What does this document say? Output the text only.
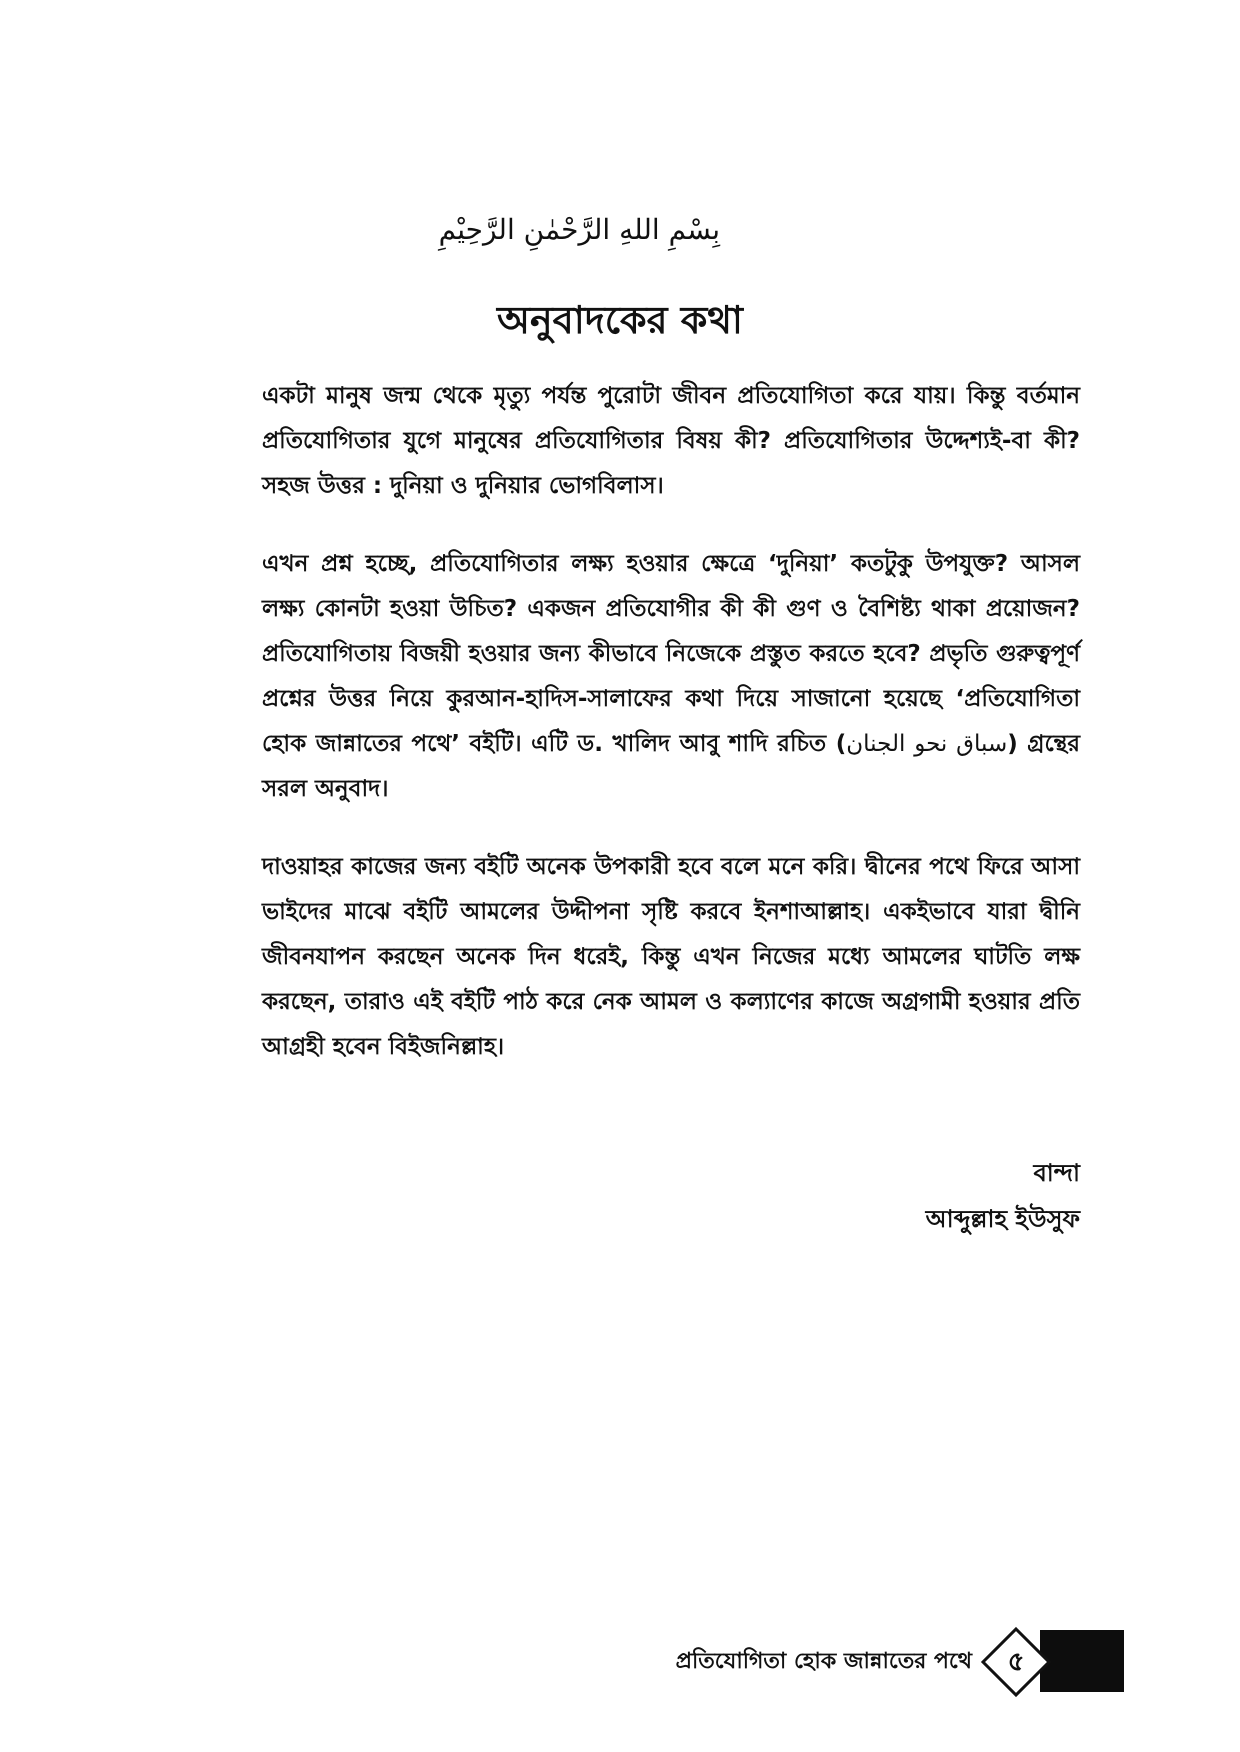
بِسْمِ اللهِ الرَّحْمٰنِ الرَّحِيْمِ
অনুবাদকের কথা

একটা মানুষ জন্ম থেকে মৃত্যু পর্যন্ত পুরোটা জীবন প্রতিযোগিতা করে যায়। কিন্তু বর্তমান প্রতিযোগিতার যুগে মানুষের প্রতিযোগিতার বিষয় কী? প্রতিযোগিতার উদ্দেশ্যই-বা কী? সহজ উত্তর : দুনিয়া ও দুনিয়ার ভোগবিলাস।

এখন প্রশ্ন হচ্ছে, প্রতিযোগিতার লক্ষ্য হওয়ার ক্ষেত্রে ‘দুনিয়া’ কতটুকু উপযুক্ত? আসল লক্ষ্য কোনটা হওয়া উচিত? একজন প্রতিযোগীর কী কী গুণ ও বৈশিষ্ট্য থাকা প্রয়োজন? প্রতিযোগিতায় বিজয়ী হওয়ার জন্য কীভাবে নিজেকে প্রস্তুত করতে হবে? প্রভৃতি গুরুত্বপূর্ণ প্রশ্নের উত্তর নিয়ে কুরআন-হাদিস-সালাফের কথা দিয়ে সাজানো হয়েছে ‘প্রতিযোগিতা হোক জান্নাতের পথে’ বইটি। এটি ড. খালিদ আবু শাদি রচিত (سباق نحو الجنان) গ্রন্থের সরল অনুবাদ।

দাওয়াহর কাজের জন্য বইটি অনেক উপকারী হবে বলে মনে করি। দ্বীনের পথে ফিরে আসা ভাইদের মাঝে বইটি আমলের উদ্দীপনা সৃষ্টি করবে ইনশাআল্লাহ। একইভাবে যারা দ্বীনি জীবনযাপন করছেন অনেক দিন ধরেই, কিন্তু এখন নিজের মধ্যে আমলের ঘাটতি লক্ষ করছেন, তারাও এই বইটি পাঠ করে নেক আমল ও কল্যাণের কাজে অগ্রগামী হওয়ার প্রতি আগ্রহী হবেন বিইজনিল্লাহ।

বান্দা
আব্দুল্লাহ ইউসুফ
প্রতিযোগিতা হোক জান্নাতের পথে	৫
